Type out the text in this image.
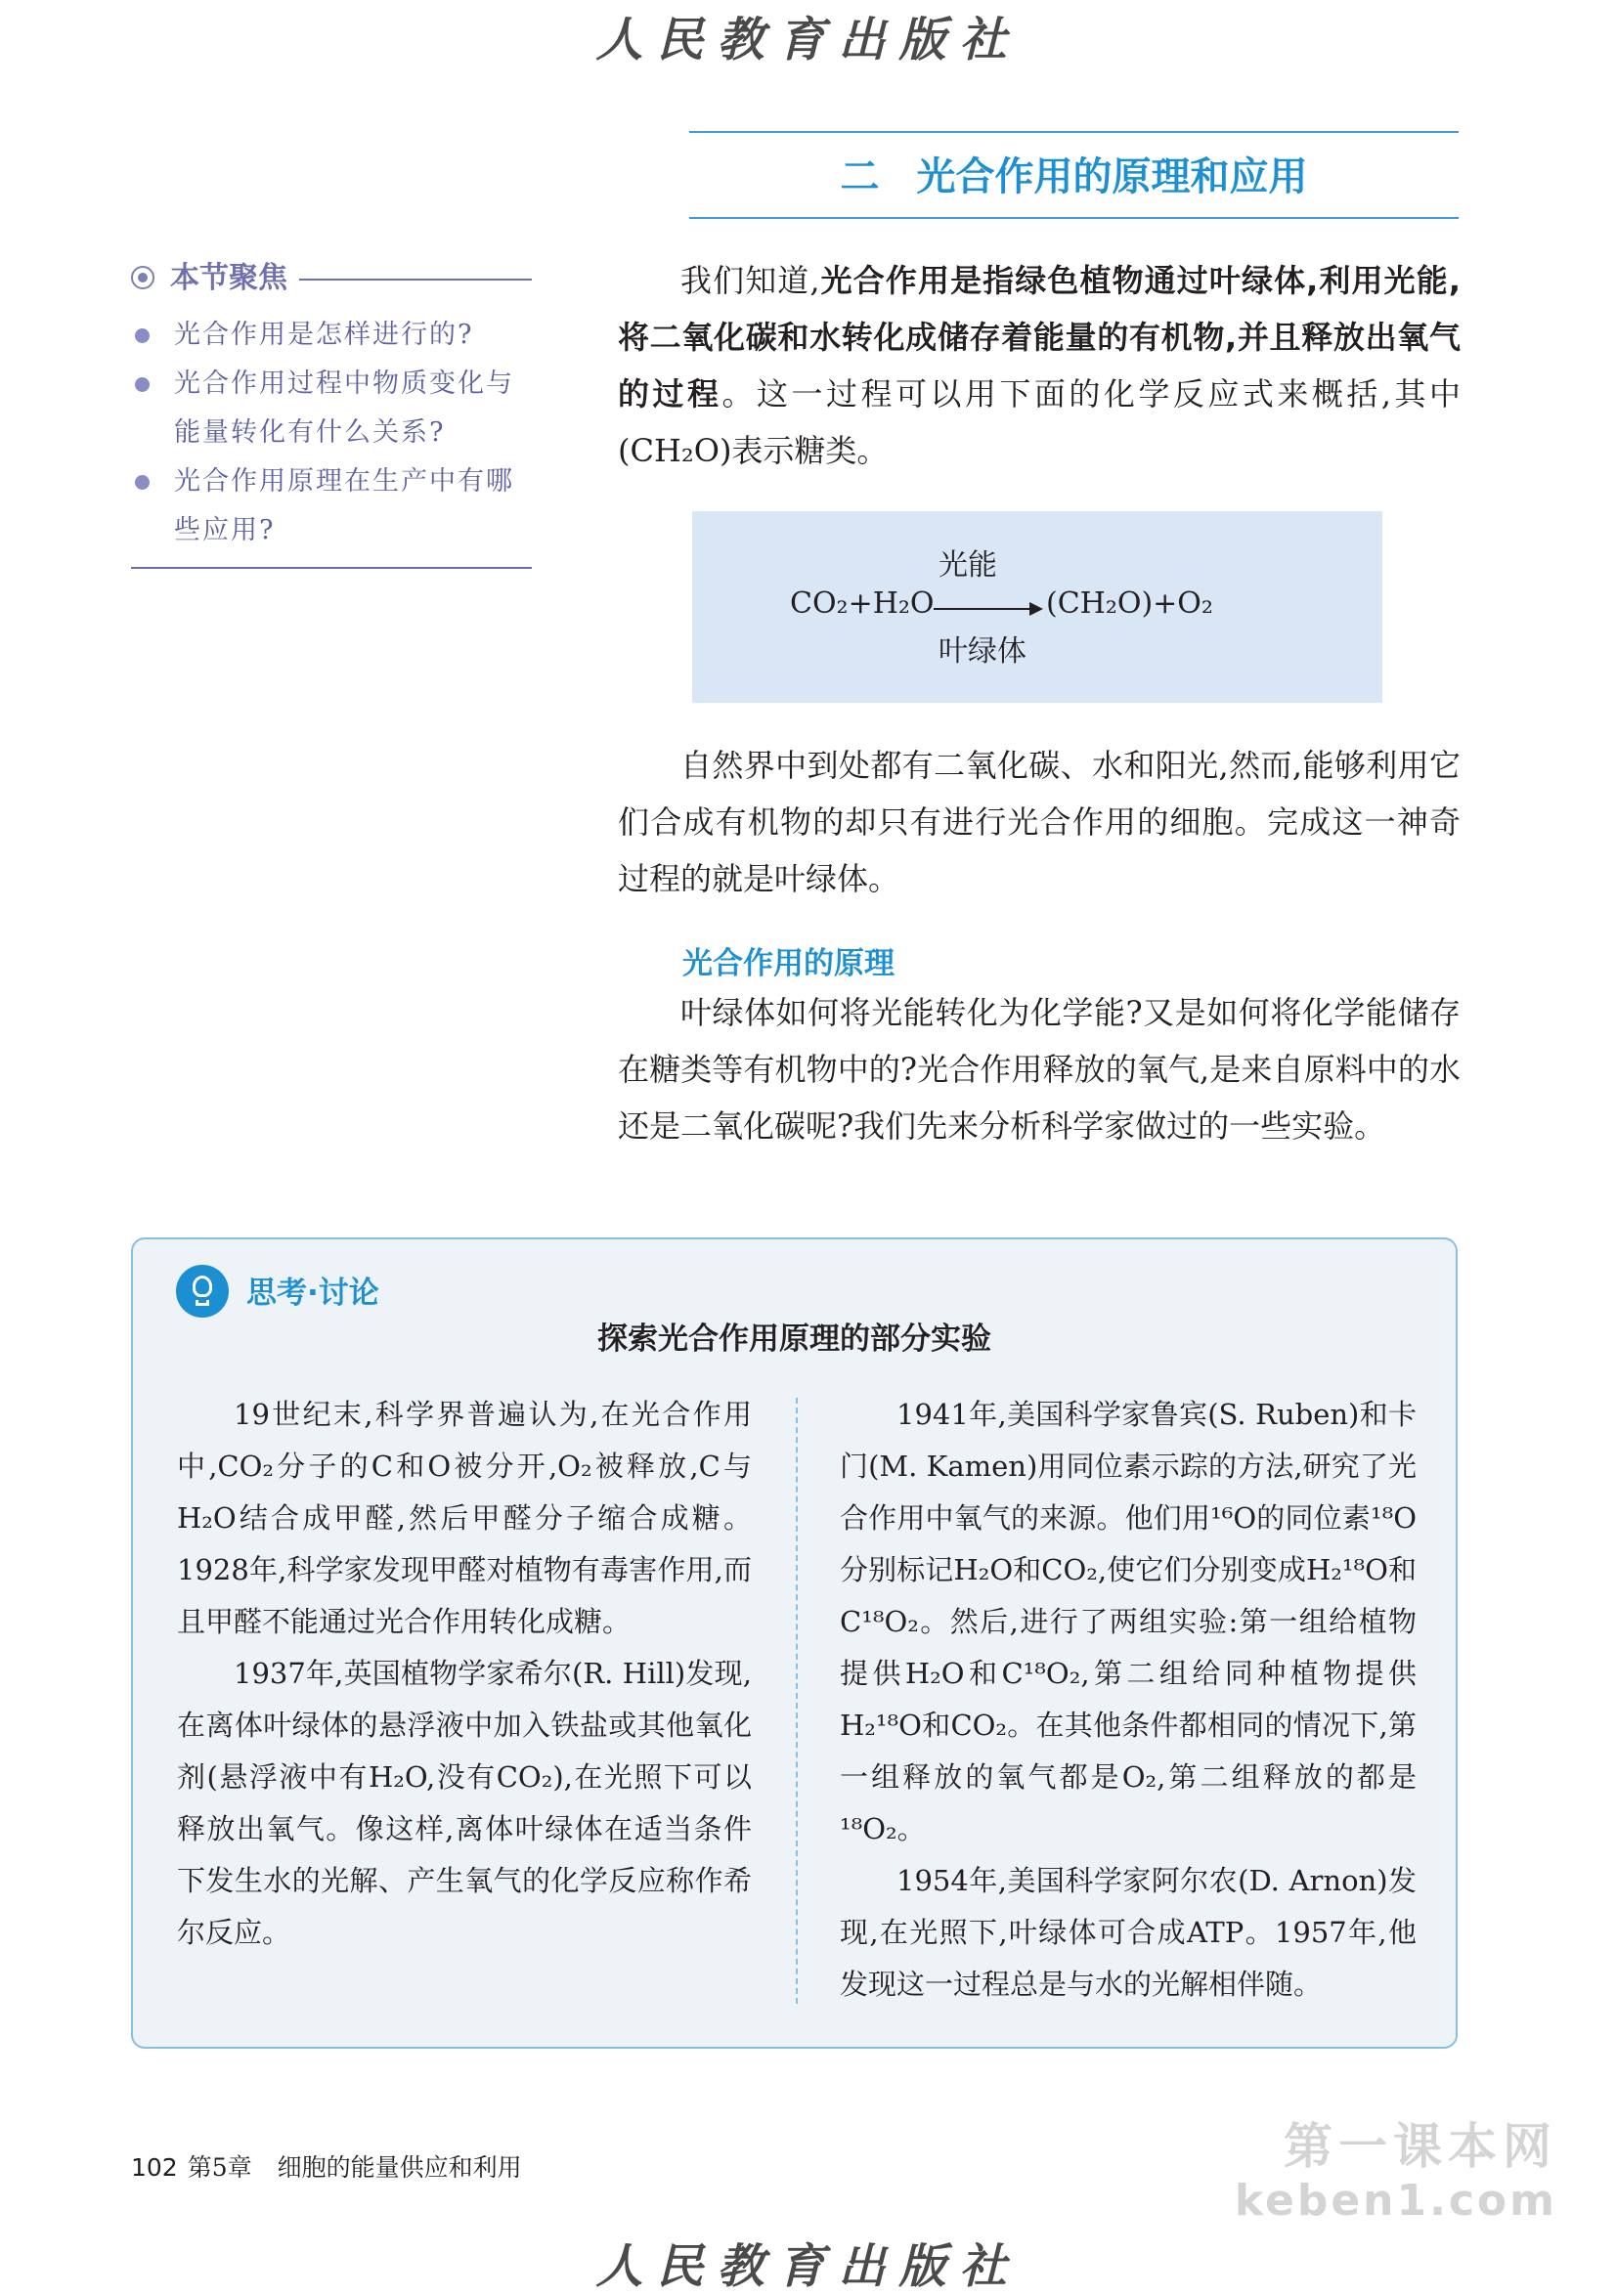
人民教育出版社
二 光合作用的原理和应用
本节聚焦
光合作用是怎样进行的?
光合作用过程中物质变化与能量转化有什么关系?
光合作用原理在生产中有哪些应用?

我们知道,光合作用是指绿色植物通过叶绿体,利用光能,将二氧化碳和水转化成储存着能量的有机物,并且释放出氧气的过程。这一过程可以用下面的化学反应式来概括,其中(CH₂O)表示糖类。

光能
CO₂+H₂O	(CH₂O)+O₂
叶绿体

自然界中到处都有二氧化碳、水和阳光,然而,能够利用它们合成有机物的却只有进行光合作用的细胞。完成这一神奇过程的就是叶绿体。

光合作用的原理

叶绿体如何将光能转化为化学能?又是如何将化学能储存在糖类等有机物中的?光合作用释放的氧气,是来自原料中的水还是二氧化碳呢?我们先来分析科学家做过的一些实验。

思考·讨论
探索光合作用原理的部分实验

19世纪末,科学界普遍认为,在光合作用中,CO₂分子的C和O被分开,O₂被释放,C与H₂O结合成甲醛,然后甲醛分子缩合成糖。1928年,科学家发现甲醛对植物有毒害作用,而且甲醛不能通过光合作用转化成糖。

1937年,英国植物学家希尔(R. Hill)发现,在离体叶绿体的悬浮液中加入铁盐或其他氧化剂(悬浮液中有H₂O,没有CO₂),在光照下可以释放出氧气。像这样,离体叶绿体在适当条件下发生水的光解、产生氧气的化学反应称作希尔反应。

1941年,美国科学家鲁宾(S. Ruben)和卡门(M. Kamen)用同位素示踪的方法,研究了光合作用中氧气的来源。他们用¹⁶O的同位素¹⁸O分别标记H₂O和CO₂,使它们分别变成H₂¹⁸O和C¹⁸O₂。然后,进行了两组实验:第一组给植物提供H₂O和C¹⁸O₂,第二组给同种植物提供H₂¹⁸O和CO₂。在其他条件都相同的情况下,第一组释放的氧气都是O₂,第二组释放的都是¹⁸O₂。

1954年,美国科学家阿尔农(D. Arnon)发现,在光照下,叶绿体可合成ATP。1957年,他发现这一过程总是与水的光解相伴随。

102 第5章 细胞的能量供应和利用	第一课本网
keben1.com
人民教育出版社
